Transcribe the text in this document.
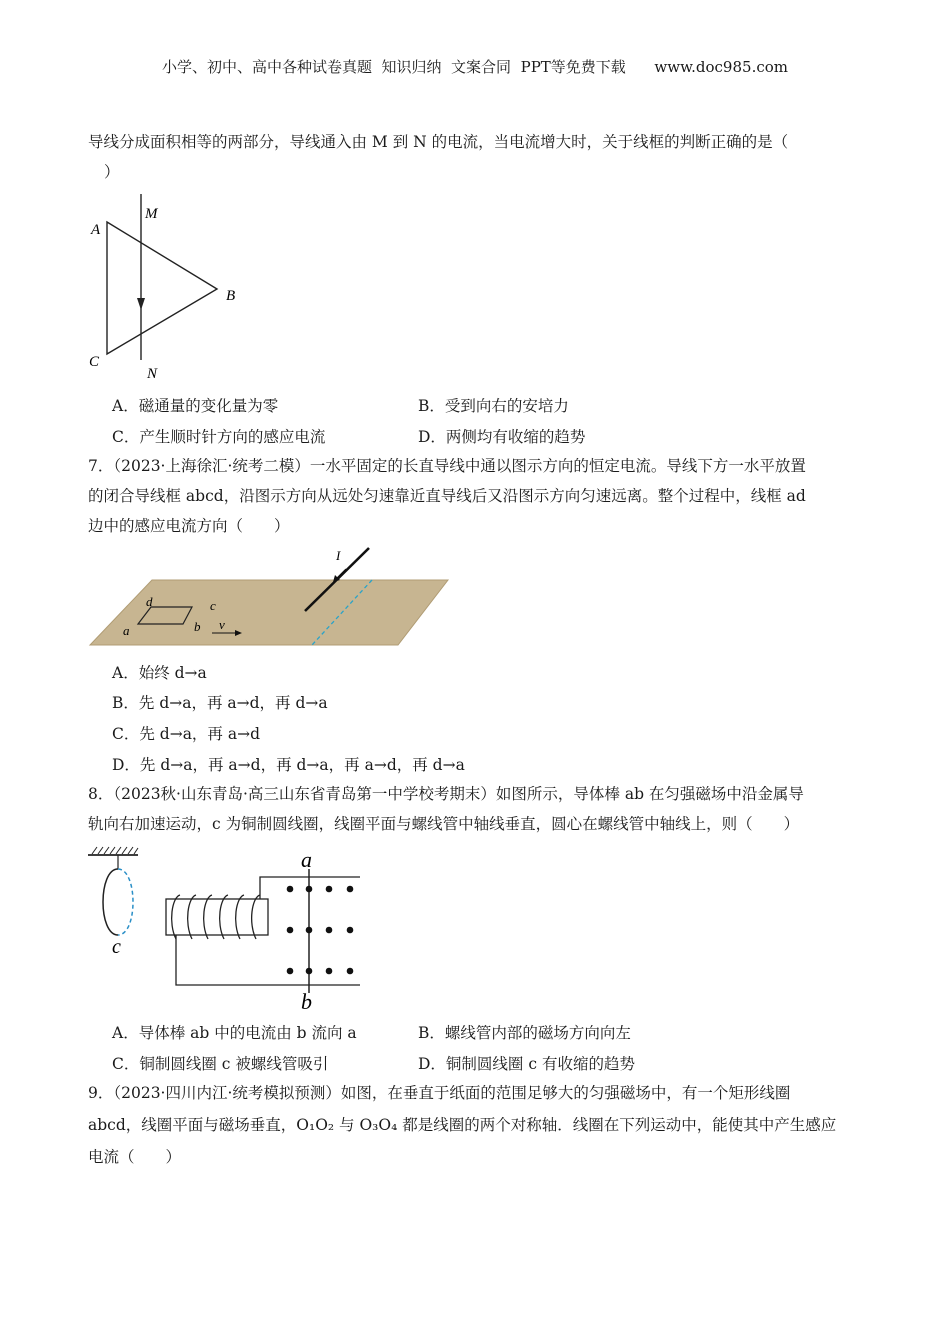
小学、初中、高中各种试卷真题  知识归纳  文案合同  PPT等免费下载      www.doc985.com
导线分成面积相等的两部分，导线通入由 M 到 N 的电流，当电流增大时，关于线框的判断正确的是（
）
A
M
B
C
N
A．磁通量的变化量为零	B．受到向右的安培力
C．产生顺时针方向的感应电流	D．两侧均有收缩的趋势
7．（2023·上海徐汇·统考二模）一水平固定的长直导线中通以图示方向的恒定电流。导线下方一水平放置
的闭合导线框 abcd，沿图示方向从远处匀速靠近直导线后又沿图示方向匀速远离。整个过程中，线框 ad
边中的感应电流方向（　　）
d	c
a	b v
I
A．始终 d→a
B．先 d→a，再 a→d，再 d→a
C．先 d→a，再 a→d
D．先 d→a，再 a→d，再 d→a，再 a→d，再 d→a
8．（2023秋·山东青岛·高三山东省青岛第一中学校考期末）如图所示，导体棒 ab 在匀强磁场中沿金属导
轨向右加速运动，c 为铜制圆线圈，线圈平面与螺线管中轴线垂直，圆心在螺线管中轴线上，则（　　）
c
a
b
A．导体棒 ab 中的电流由 b 流向 a	B．螺线管内部的磁场方向向左
C．铜制圆线圈 c 被螺线管吸引	D．铜制圆线圈 c 有收缩的趋势
9．（2023·四川内江·统考模拟预测）如图，在垂直于纸面的范围足够大的匀强磁场中，有一个矩形线圈
abcd，线圈平面与磁场垂直，O₁O₂ 与 O₃O₄ 都是线圈的两个对称轴．线圈在下列运动中，能使其中产生感应
电流（　　）
